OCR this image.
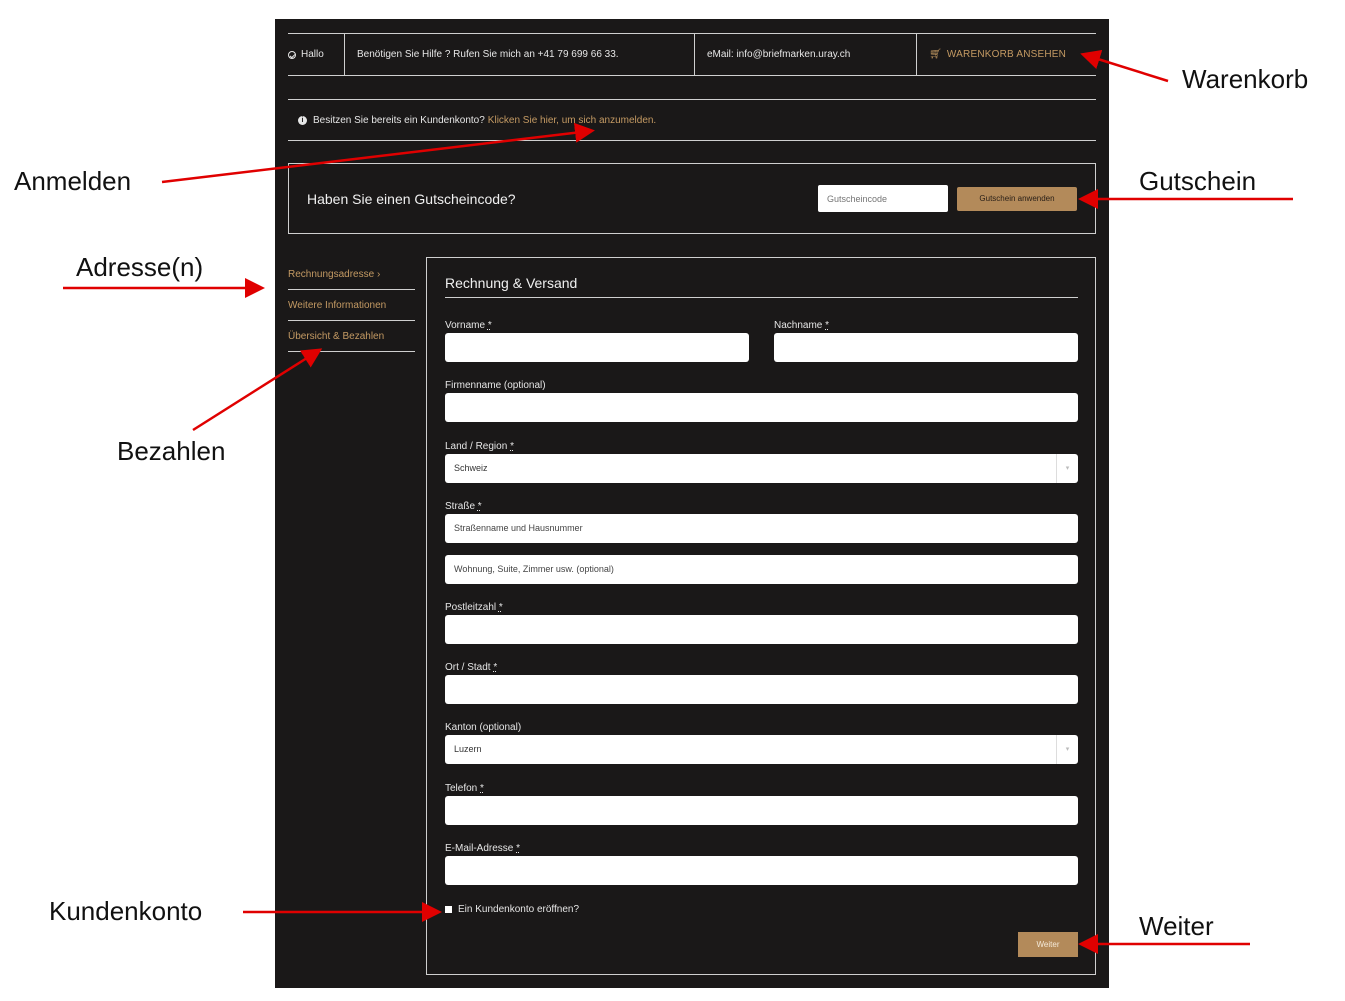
Hallo	Benötigen Sie Hilfe ? Rufen Sie mich an +41 79 699 66 33.	eMail: info@briefmarken.uray.ch	🛒︎ WARENKORB ANSEHEN
i Besitzen Sie bereits ein Kundenkonto? Klicken Sie hier, um sich anzumelden.
Haben Sie einen Gutscheincode?
Gutscheincode	Gutschein anwenden
Rechnungsadresse ›
Weitere Informationen
Übersicht & Bezahlen
Rechnung & Versand
Vorname *	Nachname *
Firmenname (optional)
Land / Region *
Schweiz	▾
Straße *
Straßenname und Hausnummer
Wohnung, Suite, Zimmer usw. (optional)
Postleitzahl *
Ort / Stadt *
Kanton (optional)
Luzern	▾
Telefon *
E-Mail-Adresse *
Ein Kundenkonto eröffnen?
Weiter
Warenkorb
Anmelden	Gutschein
Adresse(n)
Bezahlen
Kundenkonto	Weiter
